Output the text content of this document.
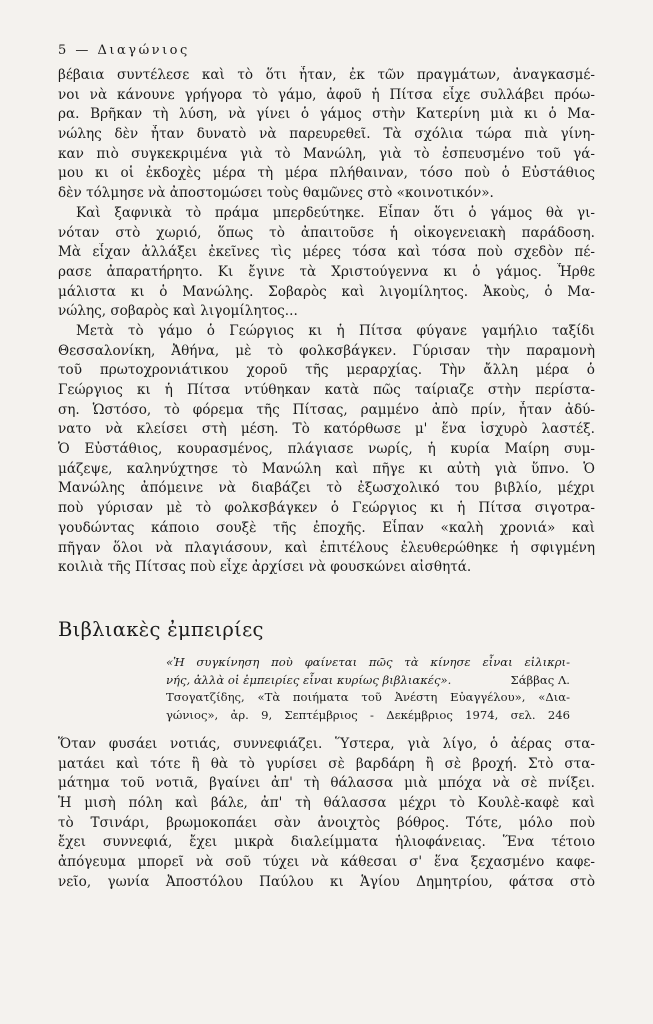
5 — Διαγώνιος
βέβαια συντέλεσε καὶ τὸ ὅτι ἦταν, ἐκ τῶν πραγμάτων, ἀναγκασμέ-
νοι νὰ κάνουνε γρήγορα τὸ γάμο, ἀφοῦ ἡ Πίτσα εἶχε συλλάβει πρόω-
ρα. Βρῆκαν τὴ λύση, νὰ γίνει ὁ γάμος στὴν Κατερίνη μιὰ κι ὁ Μα-
νώλης δὲν ἦταν δυνατὸ νὰ παρευρεθεῖ. Τὰ σχόλια τώρα πιὰ γίνη-
καν πιὸ συγκεκριμένα γιὰ τὸ Μανώλη, γιὰ τὸ ἐσπευσμένο τοῦ γά-
μου κι οἱ ἐκδοχὲς μέρα τὴ μέρα πλήθαιναν, τόσο ποὺ ὁ Εὐστάθιος
δὲν τόλμησε νὰ ἀποστομώσει τοὺς θαμῶνες στὸ «κοινοτικόν».
Καὶ ξαφνικὰ τὸ πράμα μπερδεύτηκε. Εἶπαν ὅτι ὁ γάμος θὰ γι-
νόταν στὸ χωριό, ὅπως τὸ ἀπαιτοῦσε ἡ οἰκογενειακὴ παράδοση.
Μὰ εἶχαν ἀλλάξει ἐκεῖνες τὶς μέρες τόσα καὶ τόσα ποὺ σχεδὸν πέ-
ρασε ἀπαρατήρητο. Κι ἔγινε τὰ Χριστούγεννα κι ὁ γάμος. Ἦρθε
μάλιστα κι ὁ Μανώλης. Σοβαρὸς καὶ λιγομίλητος. Ἀκοὺς, ὁ Μα-
νώλης, σοβαρὸς καὶ λιγομίλητος...
Μετὰ τὸ γάμο ὁ Γεώργιος κι ἡ Πίτσα φύγανε γαμήλιο ταξίδι
Θεσσαλονίκη, Ἀθήνα, μὲ τὸ φολκσβάγκεν. Γύρισαν τὴν παραμονὴ
τοῦ πρωτοχρονιάτικου χοροῦ τῆς μεραρχίας. Τὴν ἄλλη μέρα ὁ
Γεώργιος κι ἡ Πίτσα ντύθηκαν κατὰ πῶς ταίριαζε στὴν περίστα-
ση. Ὡστόσο, τὸ φόρεμα τῆς Πίτσας, ραμμένο ἀπὸ πρίν, ἦταν ἀδύ-
νατο νὰ κλείσει στὴ μέση. Τὸ κατόρθωσε μ' ἕνα ἰσχυρὸ λαστέξ.
Ὁ Εὐστάθιος, κουρασμένος, πλάγιασε νωρίς, ἡ κυρία Μαίρη συμ-
μάζεψε, καληνύχτησε τὸ Μανώλη καὶ πῆγε κι αὐτὴ γιὰ ὕπνο. Ὁ
Μανώλης ἀπόμεινε νὰ διαβάζει τὸ ἐξωσχολικό του βιβλίο, μέχρι
ποὺ γύρισαν μὲ τὸ φολκσβάγκεν ὁ Γεώργιος κι ἡ Πίτσα σιγοτρα-
γουδώντας κάποιο σουξὲ τῆς ἐποχῆς. Εἶπαν «καλὴ χρονιά» καὶ
πῆγαν ὅλοι νὰ πλαγιάσουν, καὶ ἐπιτέλους ἐλευθερώθηκε ἡ σφιγμένη
κοιλιὰ τῆς Πίτσας ποὺ εἶχε ἀρχίσει νὰ φουσκώνει αἰσθητά.
Βιβλιακὲς ἐμπειρίες
«Ἡ συγκίνηση ποὺ φαίνεται πῶς τὰ κίνησε εἶναι εἰλικρι-
νής, ἀλλὰ οἱ ἐμπειρίες εἶναι κυρίως βιβλιακές».	Σάββας Λ.
Τσογατζίδης, «Τὰ ποιήματα τοῦ Ἀνέστη Εὐαγγέλου», «Δια-
γώνιος», ἀρ. 9, Σεπτέμβριος - Δεκέμβριος 1974, σελ. 246
Ὅταν φυσάει νοτιάς, συννεφιάζει. Ὕστερα, γιὰ λίγο, ὁ ἀέρας στα-
ματάει καὶ τότε ἢ θὰ τὸ γυρίσει σὲ βαρδάρη ἢ σὲ βροχή. Στὸ στα-
μάτημα τοῦ νοτιᾶ, βγαίνει ἀπ' τὴ θάλασσα μιὰ μπόχα νὰ σὲ πνίξει.
Ἡ μισὴ πόλη καὶ βάλε, ἀπ' τὴ θάλασσα μέχρι τὸ Κουλὲ-καφὲ καὶ
τὸ Τσινάρι, βρωμοκοπάει σὰν ἀνοιχτὸς βόθρος. Τότε, μόλο ποὺ
ἔχει συννεφιά, ἔχει μικρὰ διαλείμματα ἡλιοφάνειας. Ἕνα τέτοιο
ἀπόγευμα μπορεῖ νὰ σοῦ τύχει νὰ κάθεσαι σ' ἕνα ξεχασμένο καφε-
νεῖο, γωνία Ἀποστόλου Παύλου κι Ἁγίου Δημητρίου, φάτσα στὸ
